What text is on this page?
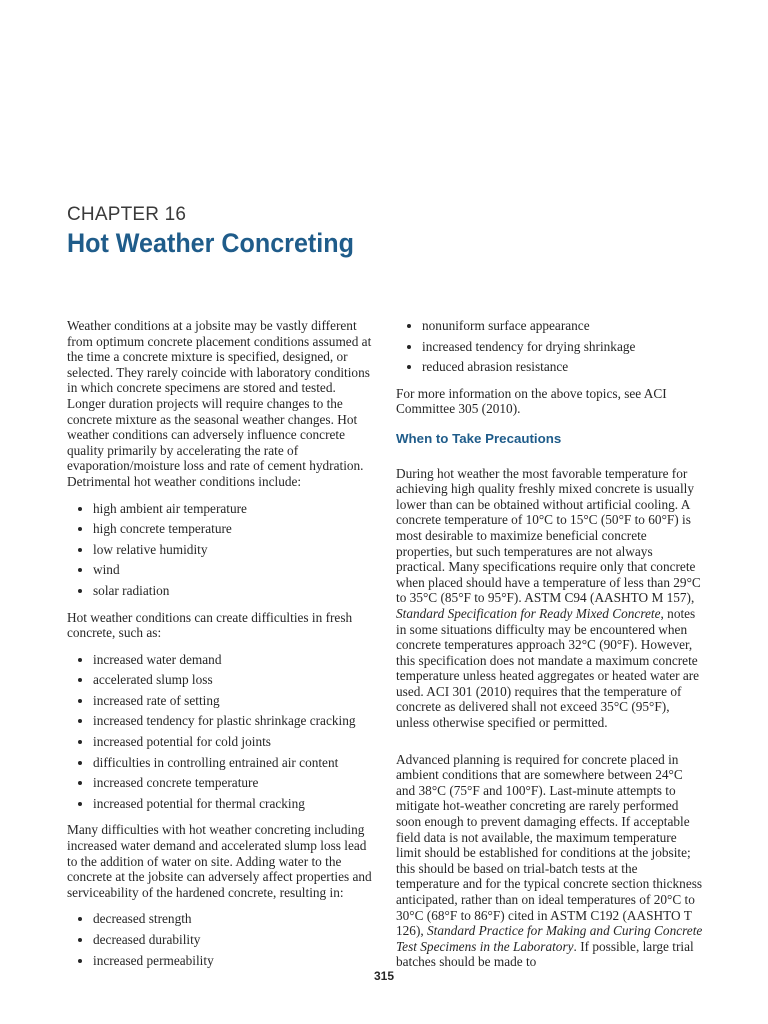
CHAPTER 16
Hot Weather Concreting

Weather conditions at a jobsite may be vastly different from optimum concrete placement conditions assumed at the time a concrete mixture is specified, designed, or selected. They rarely coincide with laboratory conditions in which concrete specimens are stored and tested. Longer duration projects will require changes to the concrete mixture as the seasonal weather changes. Hot weather conditions can adversely influence concrete quality primarily by accelerating the rate of evaporation/moisture loss and rate of cement hydration. Detrimental hot weather conditions include:

high ambient air temperature
high concrete temperature
low relative humidity
wind
solar radiation

Hot weather conditions can create difficulties in fresh concrete, such as:

increased water demand
accelerated slump loss
increased rate of setting
increased tendency for plastic shrinkage cracking
increased potential for cold joints
difficulties in controlling entrained air content
increased concrete temperature
increased potential for thermal cracking

Many difficulties with hot weather concreting including increased water demand and accelerated slump loss lead to the addition of water on site. Adding water to the concrete at the jobsite can adversely affect properties and serviceability of the hardened concrete, resulting in:

decreased strength
decreased durability
increased permeability
nonuniform surface appearance
increased tendency for drying shrinkage
reduced abrasion resistance

For more information on the above topics, see ACI Committee 305 (2010).

When to Take Precautions

During hot weather the most favorable temperature for achieving high quality freshly mixed concrete is usually lower than can be obtained without artificial cooling. A concrete temperature of 10°C to 15°C (50°F to 60°F) is most desirable to maximize beneficial concrete properties, but such temperatures are not always practical. Many specifications require only that concrete when placed should have a temperature of less than 29°C to 35°C (85°F to 95°F). ASTM C94 (AASHTO M 157), Standard Specification for Ready Mixed Concrete, notes in some situations difficulty may be encountered when concrete temperatures approach 32°C (90°F). However, this specification does not mandate a maximum concrete temperature unless heated aggregates or heated water are used. ACI 301 (2010) requires that the temperature of concrete as delivered shall not exceed 35°C (95°F), unless otherwise specified or permitted.

Advanced planning is required for concrete placed in ambient conditions that are somewhere between 24°C and 38°C (75°F and 100°F). Last-minute attempts to mitigate hot-weather concreting are rarely performed soon enough to prevent damaging effects. If acceptable field data is not available, the maximum temperature limit should be established for conditions at the jobsite; this should be based on trial-batch tests at the temperature and for the typical concrete section thickness anticipated, rather than on ideal temperatures of 20°C to 30°C (68°F to 86°F) cited in ASTM C192 (AASHTO T 126), Standard Practice for Making and Curing Concrete Test Specimens in the Laboratory. If possible, large trial batches should be made to

315
